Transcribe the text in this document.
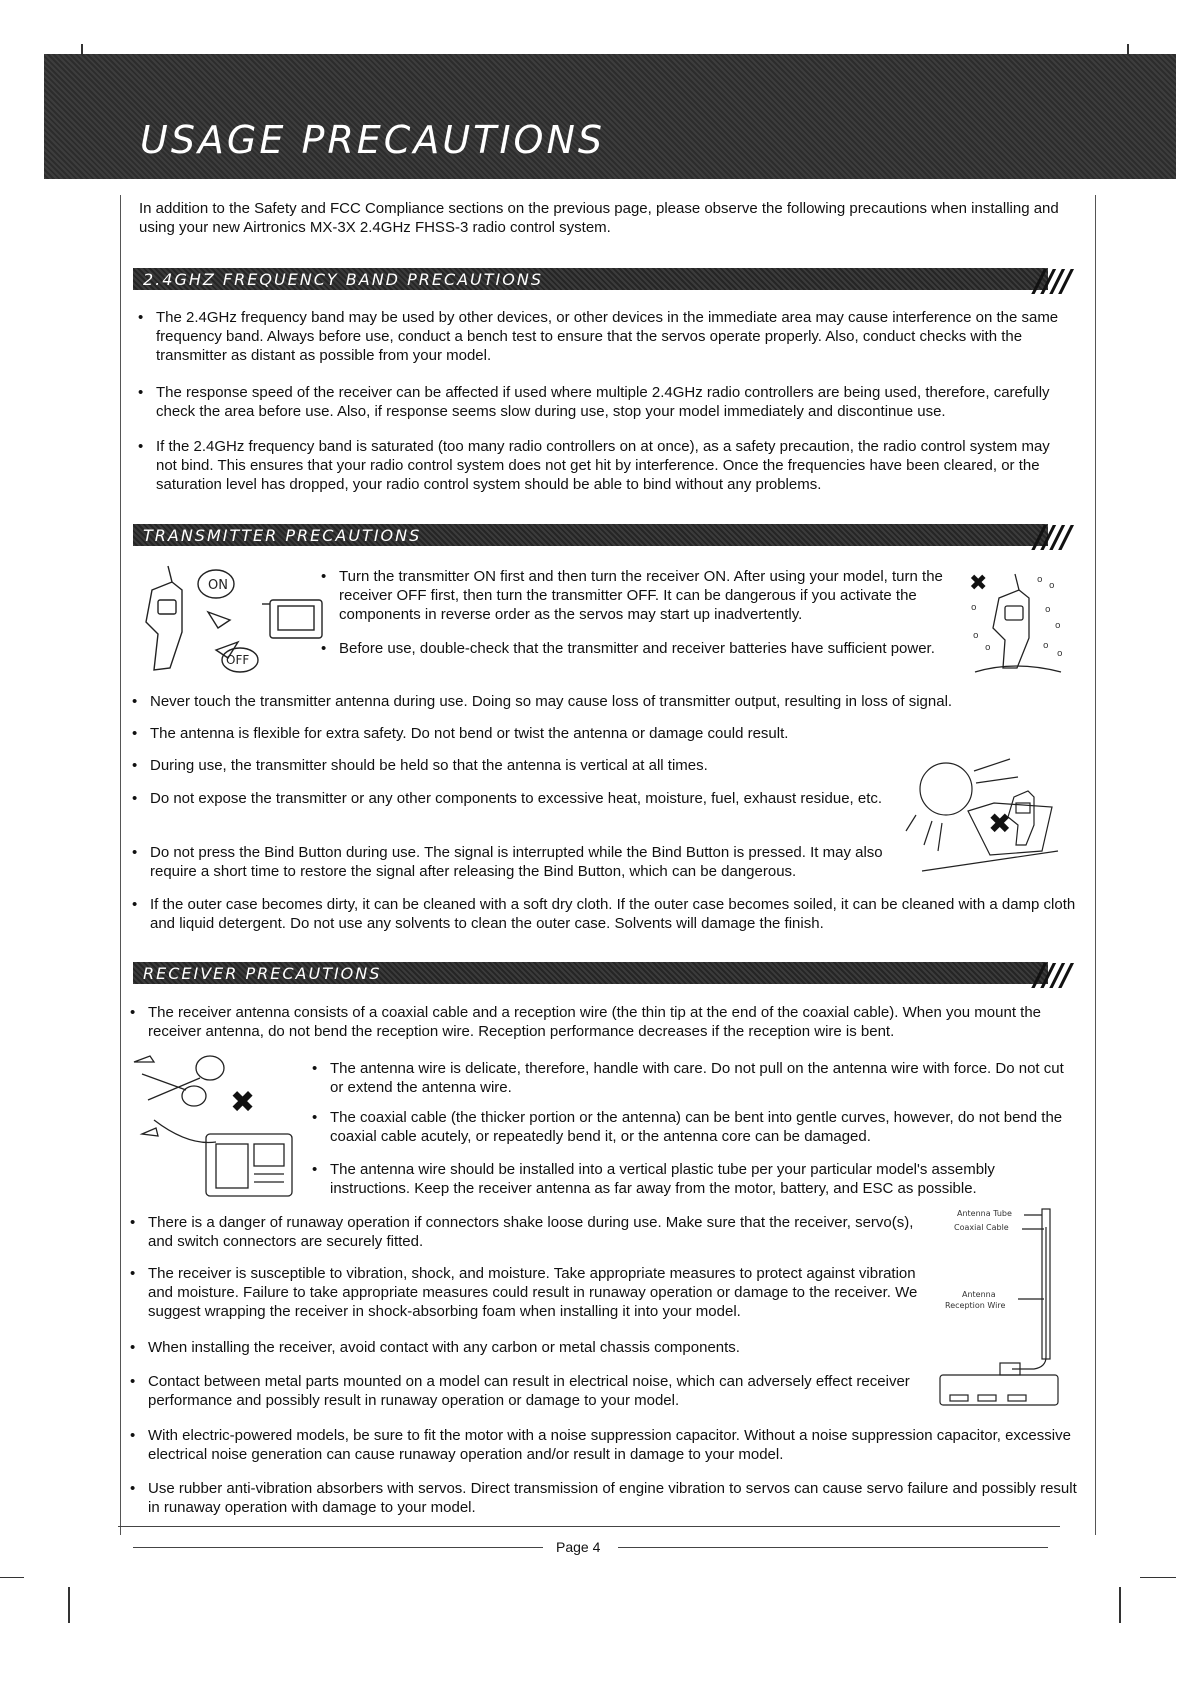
USAGE PRECAUTIONS
In addition to the Safety and FCC Compliance sections on the previous page, please observe the following precautions when installing and using your new Airtronics MX-3X 2.4GHz FHSS-3 radio control system.
2.4GHZ FREQUENCY BAND PRECAUTIONS	////
• The 2.4GHz frequency band may be used by other devices, or other devices in the immediate area may cause interference on the same frequency band. Always before use, conduct a bench test to ensure that the servos operate properly. Also, conduct checks with the transmitter as distant as possible from your model.
• The response speed of the receiver can be affected if used where multiple 2.4GHz radio controllers are being used, therefore, carefully check the area before use. Also, if response seems slow during use, stop your model immediately and discontinue use.
• If the 2.4GHz frequency band is saturated (too many radio controllers on at once), as a safety precaution, the radio control system may not bind. This ensures that your radio control system does not get hit by interference. Once the frequencies have been cleared, or the saturation level has dropped, your radio control system should be able to bind without any problems.
TRANSMITTER PRECAUTIONS	////
ON
OFF
• Turn the transmitter ON first and then turn the receiver ON. After using your model, turn the receiver OFF first, then turn the transmitter OFF. It can be dangerous if you activate the components in reverse order as the servos may start up inadvertently.
• Before use, double-check that the transmitter and receiver batteries have sufficient power.
✖	o
o
o	o
o
o
o	o
o
• Never touch the transmitter antenna during use. Doing so may cause loss of transmitter output, resulting in loss of signal.
• The antenna is flexible for extra safety. Do not bend or twist the antenna or damage could result.
• During use, the transmitter should be held so that the antenna is vertical at all times.
• Do not expose the transmitter or any other components to excessive heat, moisture, fuel, exhaust residue, etc.
• Do not press the Bind Button during use. The signal is interrupted while the Bind Button is pressed. It may also require a short time to restore the signal after releasing the Bind Button, which can be dangerous.
✖
• If the outer case becomes dirty, it can be cleaned with a soft dry cloth. If the outer case becomes soiled, it can be cleaned with a damp cloth and liquid detergent. Do not use any solvents to clean the outer case. Solvents will damage the finish.
RECEIVER PRECAUTIONS	////
• The receiver antenna consists of a coaxial cable and a reception wire (the thin tip at the end of the coaxial cable). When you mount the receiver antenna, do not bend the reception wire. Reception performance decreases if the reception wire is bent.
✖
• The antenna wire is delicate, therefore, handle with care. Do not pull on the antenna wire with force. Do not cut or extend the antenna wire.
• The coaxial cable (the thicker portion or the antenna) can be bent into gentle curves, however, do not bend the coaxial cable acutely, or repeatedly bend it, or the antenna core can be damaged.
• The antenna wire should be installed into a vertical plastic tube per your particular model's assembly instructions. Keep the receiver antenna as far away from the motor, battery, and ESC as possible.
• There is a danger of runaway operation if connectors shake loose during use. Make sure that the receiver, servo(s), and switch connectors are securely fitted.
• The receiver is susceptible to vibration, shock, and moisture. Take appropriate measures to protect against vibration and moisture. Failure to take appropriate measures could result in runaway operation or damage to the receiver. We suggest wrapping the receiver in shock-absorbing foam when installing it into your model.
• When installing the receiver, avoid contact with any carbon or metal chassis components.
• Contact between metal parts mounted on a model can result in electrical noise, which can adversely effect receiver performance and possibly result in runaway operation or damage to your model.
Antenna Tube
Coaxial Cable
Antenna
Reception Wire
• With electric-powered models, be sure to fit the motor with a noise suppression capacitor. Without a noise suppression capacitor, excessive electrical noise generation can cause runaway operation and/or result in damage to your model.
• Use rubber anti-vibration absorbers with servos. Direct transmission of engine vibration to servos can cause servo failure and possibly result in runaway operation with damage to your model.
Page 4
